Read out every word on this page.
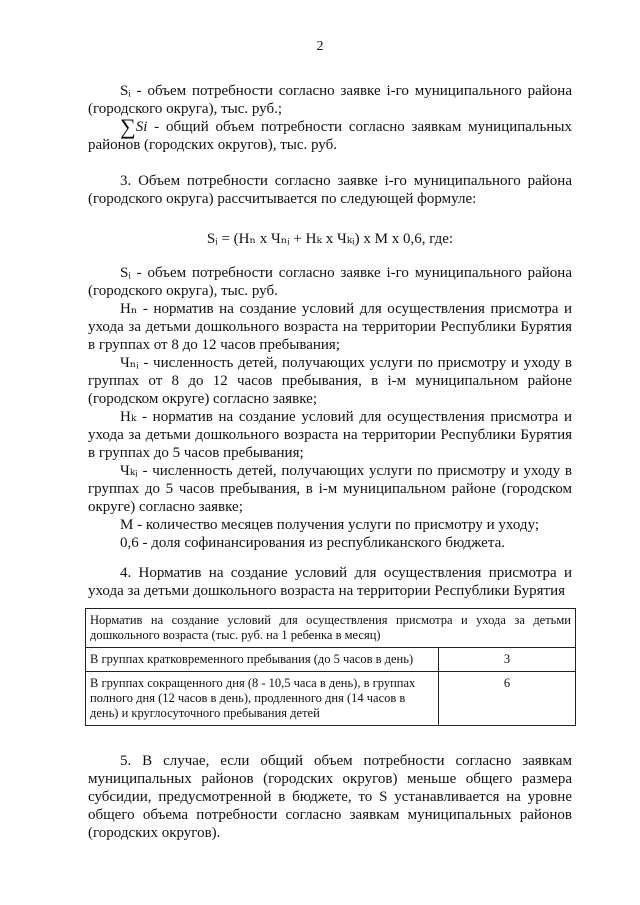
2
Sᵢ - объем потребности согласно заявке i-го муниципального района (городского округа), тыс. руб.;
∑Si - общий объем потребности согласно заявкам муниципальных районов (городских округов), тыс. руб.
3. Объем потребности согласно заявке i-го муниципального района (городского округа) рассчитывается по следующей формуле:
Sᵢ = (Нₙ х Чₙᵢ + Нₖ х Чₖᵢ) х М х 0,6, где:
Sᵢ - объем потребности согласно заявке i-го муниципального района (городского округа), тыс. руб.
Нₙ - норматив на создание условий для осуществления присмотра и ухода за детьми дошкольного возраста на территории Республики Бурятия в группах от 8 до 12 часов пребывания;
Чₙᵢ - численность детей, получающих услуги по присмотру и уходу в группах от 8 до 12 часов пребывания, в i-м муниципальном районе (городском округе) согласно заявке;
Нₖ - норматив на создание условий для осуществления присмотра и ухода за детьми дошкольного возраста на территории Республики Бурятия в группах до 5 часов пребывания;
Чₖᵢ - численность детей, получающих услуги по присмотру и уходу в группах до 5 часов пребывания, в i-м муниципальном районе (городском округе) согласно заявке;
М - количество месяцев получения услуги по присмотру и уходу;
0,6 - доля софинансирования из республиканского бюджета.
4. Норматив на создание условий для осуществления присмотра и ухода за детьми дошкольного возраста на территории Республики Бурятия
Норматив на создание условий для осуществления присмотра и ухода за детьми дошкольного возраста (тыс. руб. на 1 ребенка в месяц)	
В группах кратковременного пребывания (до 5 часов в день)	3
В группах сокращенного дня (8 - 10,5 часа в день), в группах полного дня (12 часов в день), продленного дня (14 часов в день) и круглосуточного пребывания детей	6
5. В случае, если общий объем потребности согласно заявкам муниципальных районов (городских округов) меньше общего размера субсидии, предусмотренной в бюджете, то S устанавливается на уровне общего объема потребности согласно заявкам муниципальных районов (городских округов).
